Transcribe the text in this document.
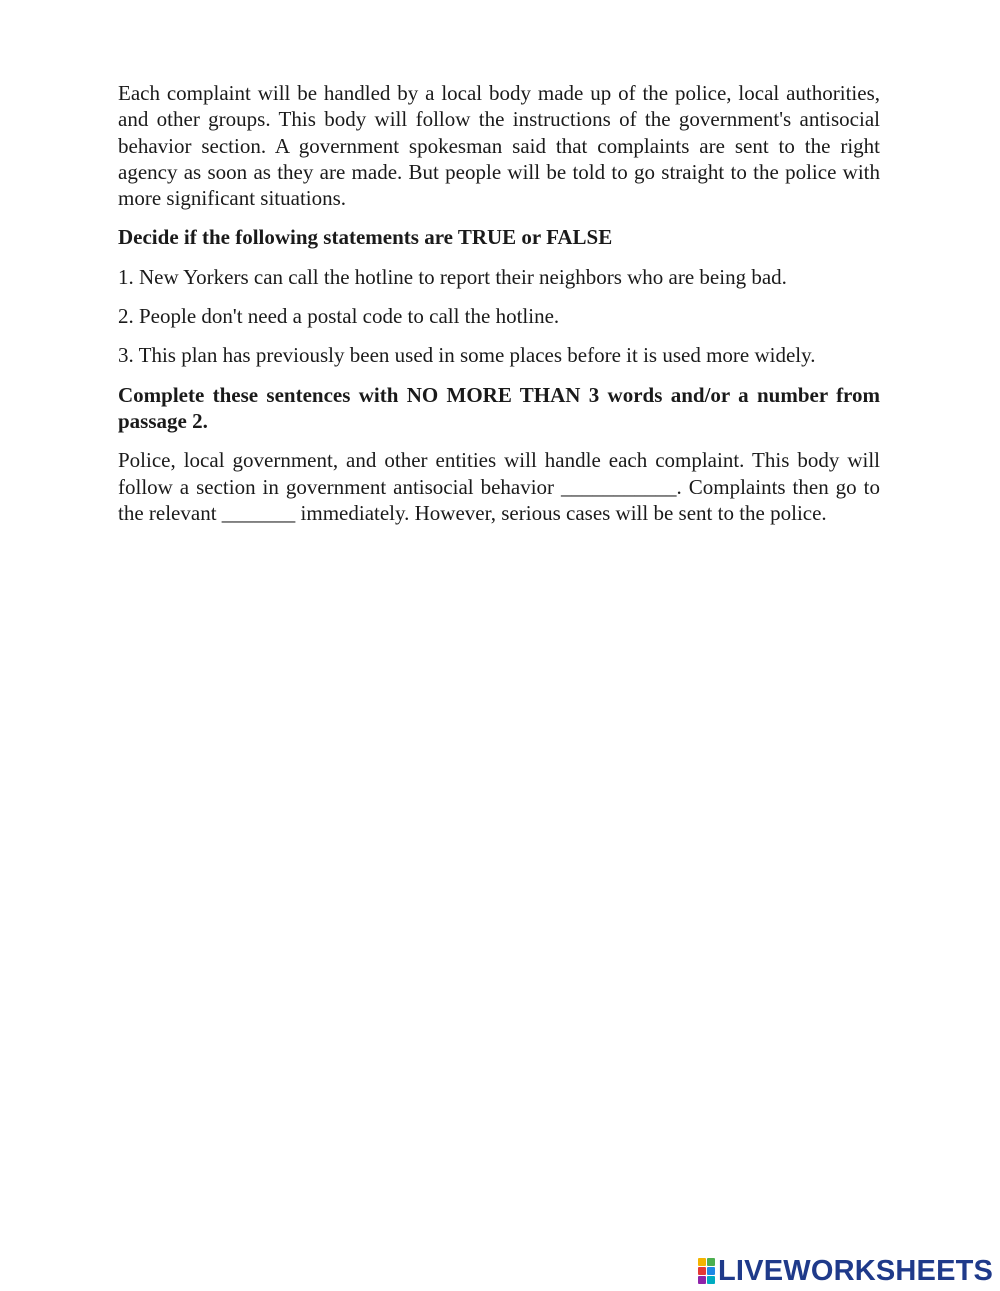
Each complaint will be handled by a local body made up of the police, local authorities, and other groups. This body will follow the instructions of the government's antisocial behavior section. A government spokesman said that complaints are sent to the right agency as soon as they are made. But people will be told to go straight to the police with more significant situations.

Decide if the following statements are TRUE or FALSE

1. New Yorkers can call the hotline to report their neighbors who are being bad.

2. People don't need a postal code to call the hotline.

3. This plan has previously been used in some places before it is used more widely.

Complete these sentences with NO MORE THAN 3 words and/or a number from passage 2.

Police, local government, and other entities will handle each complaint. This body will follow a section in government antisocial behavior ___________. Complaints then go to the relevant _______ immediately. However, serious cases will be sent to the police.

LIVEWORKSHEETS
